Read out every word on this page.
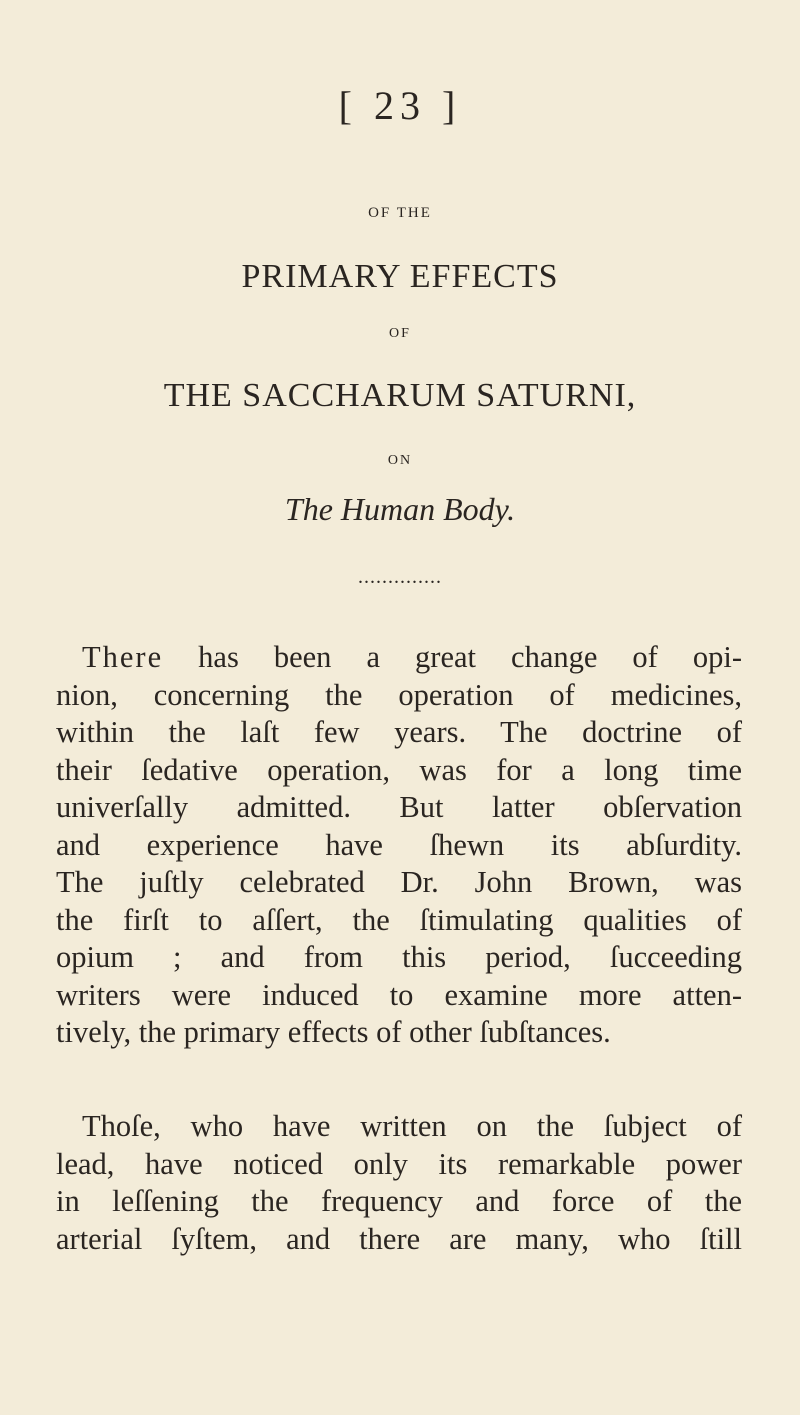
[ 23 ]
OF THE
PRIMARY EFFECTS
OF
THE SACCHARUM SATURNI,
ON
The Human Body.
..............
There has been a great change of opi-
nion, concerning the operation of medicines,
within the laſt few years. The doctrine of
their ſedative operation, was for a long time
univerſally admitted. But latter obſervation
and experience have ſhewn its abſurdity.
The juſtly celebrated Dr. John Brown, was
the firſt to aſſert, the ſtimulating qualities of
opium ; and from this period, ſucceeding
writers were induced to examine more atten-
tively, the primary effects of other ſubſtances.
Thoſe, who have written on the ſubject of
lead, have noticed only its remarkable power
in leſſening the frequency and force of the
arterial ſyſtem, and there are many, who ſtill
